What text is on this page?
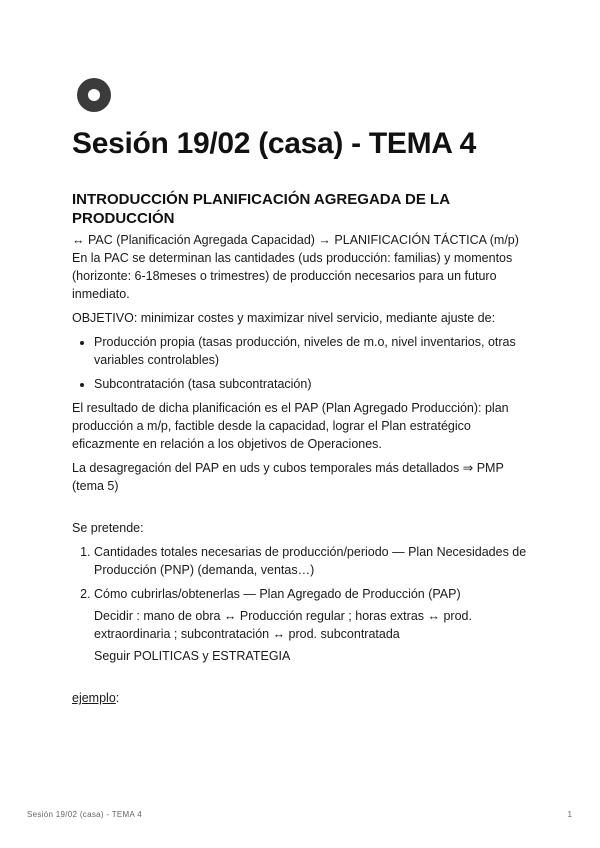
Sesión 19/02 (casa) - TEMA 4
INTRODUCCIÓN PLANIFICACIÓN AGREGADA DE LA PRODUCCIÓN

↔ PAC (Planificación Agregada Capacidad) → PLANIFICACIÓN TÁCTICA (m/p) En la PAC se determinan las cantidades (uds producción: familias) y momentos (horizonte: 6-18meses o trimestres) de producción necesarios para un futuro inmediato.

OBJETIVO: minimizar costes y maximizar nivel servicio, mediante ajuste de:

• Producción propia (tasas producción, niveles de m.o, nivel inventarios, otras variables controlables)
• Subcontratación (tasa subcontratación)

El resultado de dicha planificación es el PAP (Plan Agregado Producción): plan producción a m/p, factible desde la capacidad, lograr el Plan estratégico eficazmente en relación a los objetivos de Operaciones.

La desagregación del PAP en uds y cubos temporales más detallados ⇒ PMP (tema 5)

Se pretende:

1. Cantidades totales necesarias de producción/periodo — Plan Necesidades de Producción (PNP) (demanda, ventas…)
2. Cómo cubrirlas/obtenerlas — Plan Agregado de Producción (PAP)

Decidir : mano de obra ↔ Producción regular ; horas extras ↔ prod. extraordinaria ; subcontratación ↔ prod. subcontratada

Seguir POLITICAS y ESTRATEGIA

ejemplo:

Sesión 19/02 (casa) - TEMA 4	1
